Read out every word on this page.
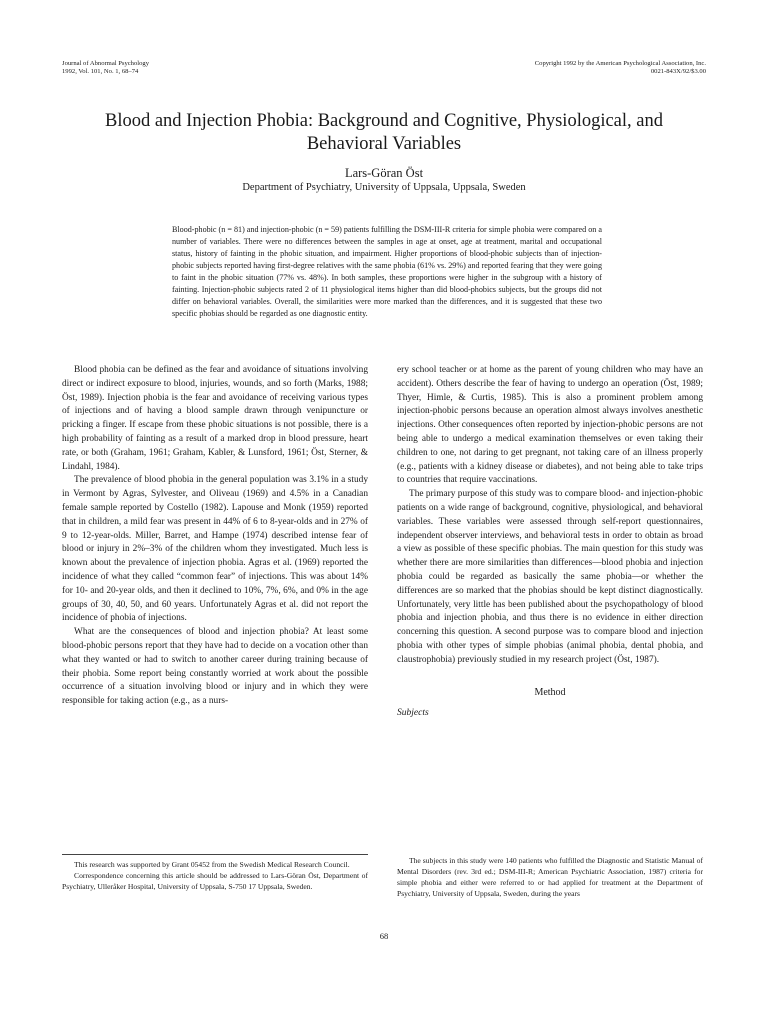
Journal of Abnormal Psychology
1992, Vol. 101, No. 1, 68–74
Copyright 1992 by the American Psychological Association, Inc.
0021-843X/92/$3.00
Blood and Injection Phobia: Background and Cognitive, Physiological, and Behavioral Variables
Lars-Göran Öst
Department of Psychiatry, University of Uppsala, Uppsala, Sweden

Blood-phobic (n = 81) and injection-phobic (n = 59) patients fulfilling the DSM-III-R criteria for simple phobia were compared on a number of variables. There were no differences between the samples in age at onset, age at treatment, marital and occupational status, history of fainting in the phobic situation, and impairment. Higher proportions of blood-phobic subjects than of injection-phobic subjects reported having first-degree relatives with the same phobia (61% vs. 29%) and reported fearing that they were going to faint in the phobic situation (77% vs. 48%). In both samples, these proportions were higher in the subgroup with a history of fainting. Injection-phobic subjects rated 2 of 11 physiological items higher than did blood-phobics subjects, but the groups did not differ on behavioral variables. Overall, the similarities were more marked than the differences, and it is suggested that these two specific phobias should be regarded as one diagnostic entity.

Blood phobia can be defined as the fear and avoidance of situations involving direct or indirect exposure to blood, injuries, wounds, and so forth (Marks, 1988; Öst, 1989). Injection phobia is the fear and avoidance of receiving various types of injections and of having a blood sample drawn through venipuncture or pricking a finger. If escape from these phobic situations is not possible, there is a high probability of fainting as a result of a marked drop in blood pressure, heart rate, or both (Graham, 1961; Graham, Kabler, & Lunsford, 1961; Öst, Sterner, & Lindahl, 1984).

The prevalence of blood phobia in the general population was 3.1% in a study in Vermont by Agras, Sylvester, and Oliveau (1969) and 4.5% in a Canadian female sample reported by Costello (1982). Lapouse and Monk (1959) reported that in children, a mild fear was present in 44% of 6 to 8-year-olds and in 27% of 9 to 12-year-olds. Miller, Barret, and Hampe (1974) described intense fear of blood or injury in 2%–3% of the children whom they investigated. Much less is known about the prevalence of injection phobia. Agras et al. (1969) reported the incidence of what they called “common fear” of injections. This was about 14% for 10- and 20-year olds, and then it declined to 10%, 7%, 6%, and 0% in the age groups of 30, 40, 50, and 60 years. Unfortunately Agras et al. did not report the incidence of phobia of injections.

What are the consequences of blood and injection phobia? At least some blood-phobic persons report that they have had to decide on a vocation other than what they wanted or had to switch to another career during training because of their phobia. Some report being constantly worried at work about the possible occurrence of a situation involving blood or injury and in which they were responsible for taking action (e.g., as a nurs-

ery school teacher or at home as the parent of young children who may have an accident). Others describe the fear of having to undergo an operation (Öst, 1989; Thyer, Himle, & Curtis, 1985). This is also a prominent problem among injection-phobic persons because an operation almost always involves anesthetic injections. Other consequences often reported by injection-phobic persons are not being able to undergo a medical examination themselves or even taking their children to one, not daring to get pregnant, not taking care of an illness properly (e.g., patients with a kidney disease or diabetes), and not being able to take trips to countries that require vaccinations.

The primary purpose of this study was to compare blood- and injection-phobic patients on a wide range of background, cognitive, physiological, and behavioral variables. These variables were assessed through self-report questionnaires, independent observer interviews, and behavioral tests in order to obtain as broad a view as possible of these specific phobias. The main question for this study was whether there are more similarities than differences—blood phobia and injection phobia could be regarded as basically the same phobia—or whether the differences are so marked that the phobias should be kept distinct diagnostically. Unfortunately, very little has been published about the psychopathology of blood phobia and injection phobia, and thus there is no evidence in either direction concerning this question. A second purpose was to compare blood and injection phobia with other types of simple phobias (animal phobia, dental phobia, and claustrophobia) previously studied in my research project (Öst, 1987).

Method
Subjects

This research was supported by Grant 05452 from the Swedish Medical Research Council.

Correspondence concerning this article should be addressed to Lars-Göran Öst, Department of Psychiatry, Ulleråker Hospital, University of Uppsala, S-750 17 Uppsala, Sweden.

The subjects in this study were 140 patients who fulfilled the Diagnostic and Statistic Manual of Mental Disorders (rev. 3rd ed.; DSM-III-R; American Psychiatric Association, 1987) criteria for simple phobia and either were referred to or had applied for treatment at the Department of Psychiatry, University of Uppsala, Sweden, during the years
68
